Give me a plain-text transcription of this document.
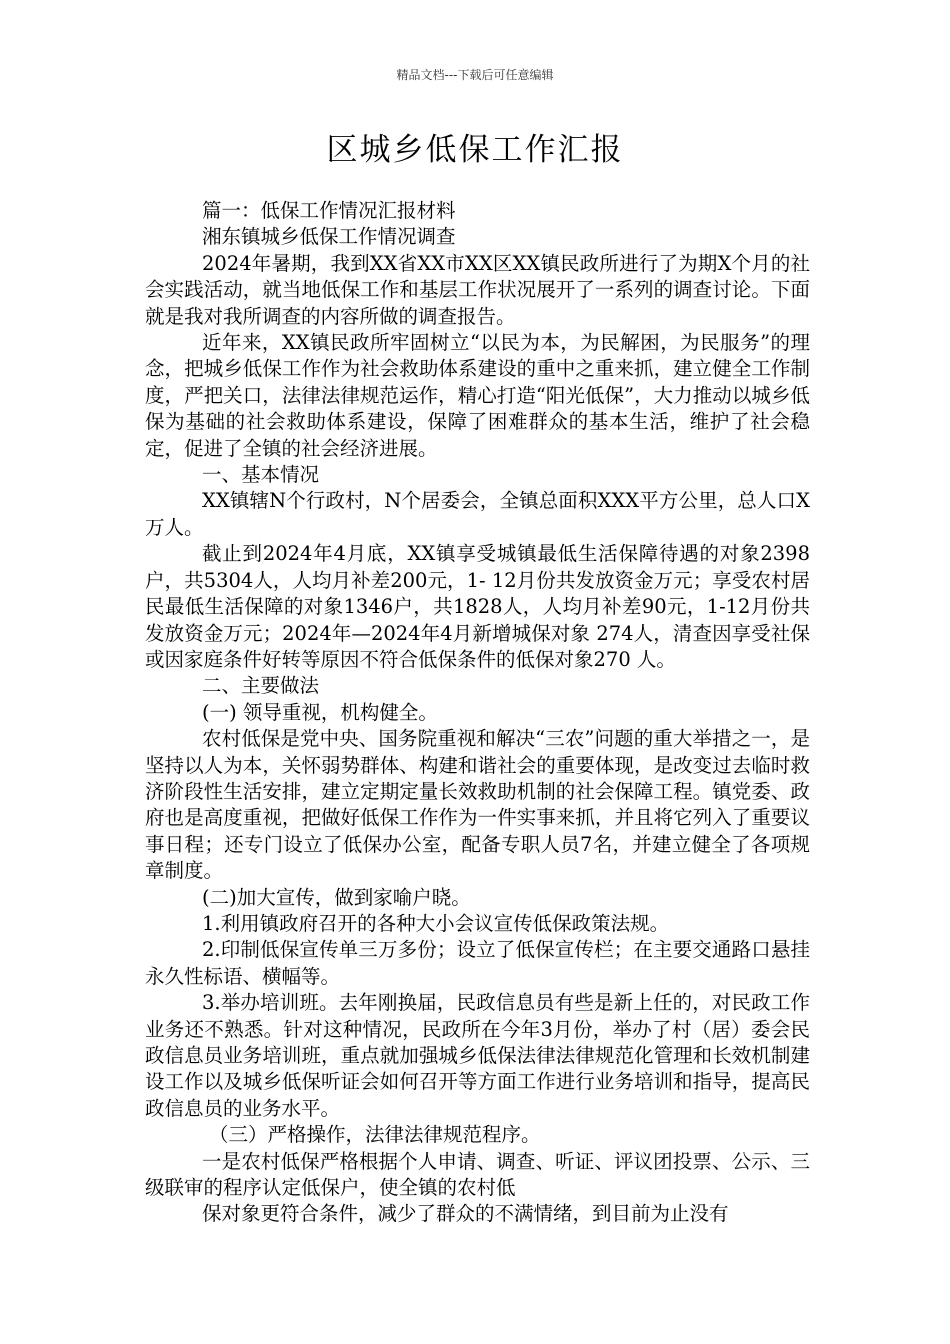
精品文档---下载后可任意编辑
区城乡低保工作汇报

篇一：低保工作情况汇报材料

湘东镇城乡低保工作情况调查

2024年暑期，我到XX省XX市XX区XX镇民政所进行了为期X个月的社会实践活动，就当地低保工作和基层工作状况展开了一系列的调查讨论。下面就是我对我所调查的内容所做的调查报告。

近年来，XX镇民政所牢固树立“以民为本，为民解困，为民服务”的理念，把城乡低保工作作为社会救助体系建设的重中之重来抓，建立健全工作制度，严把关口，法律法律规范运作，精心打造“阳光低保”，大力推动以城乡低保为基础的社会救助体系建设，保障了困难群众的基本生活，维护了社会稳定，促进了全镇的社会经济进展。

一、基本情况

XX镇辖N个行政村，N个居委会，全镇总面积XXX平方公里，总人口X万人。

截止到2024年4月底，XX镇享受城镇最低生活保障待遇的对象2398户，共5304人，人均月补差200元，1- 12月份共发放资金万元；享受农村居民最低生活保障的对象1346户，共1828人，人均月补差90元，1-12月份共发放资金万元；2024年—2024年4月新增城保对象 274人，清查因享受社保或因家庭条件好转等原因不符合低保条件的低保对象270 人。

二、主要做法

(一) 领导重视，机构健全。

农村低保是党中央、国务院重视和解决“三农”问题的重大举措之一，是坚持以人为本，关怀弱势群体、构建和谐社会的重要体现，是改变过去临时救济阶段性生活安排，建立定期定量长效救助机制的社会保障工程。镇党委、政府也是高度重视，把做好低保工作作为一件实事来抓，并且将它列入了重要议事日程；还专门设立了低保办公室，配备专职人员7名，并建立健全了各项规章制度。

(二)加大宣传，做到家喻户晓。

1.利用镇政府召开的各种大小会议宣传低保政策法规。

2.印制低保宣传单三万多份；设立了低保宣传栏；在主要交通路口悬挂永久性标语、横幅等。

3.举办培训班。去年刚换届，民政信息员有些是新上任的，对民政工作业务还不熟悉。针对这种情况，民政所在今年3月份，举办了村（居）委会民政信息员业务培训班，重点就加强城乡低保法律法律规范化管理和长效机制建设工作以及城乡低保听证会如何召开等方面工作进行业务培训和指导，提高民政信息员的业务水平。

（三）严格操作，法律法律规范程序。

一是农村低保严格根据个人申请、调查、听证、评议团投票、公示、三级联审的程序认定低保户，使全镇的农村低

保对象更符合条件，减少了群众的不满情绪，到目前为止没有
